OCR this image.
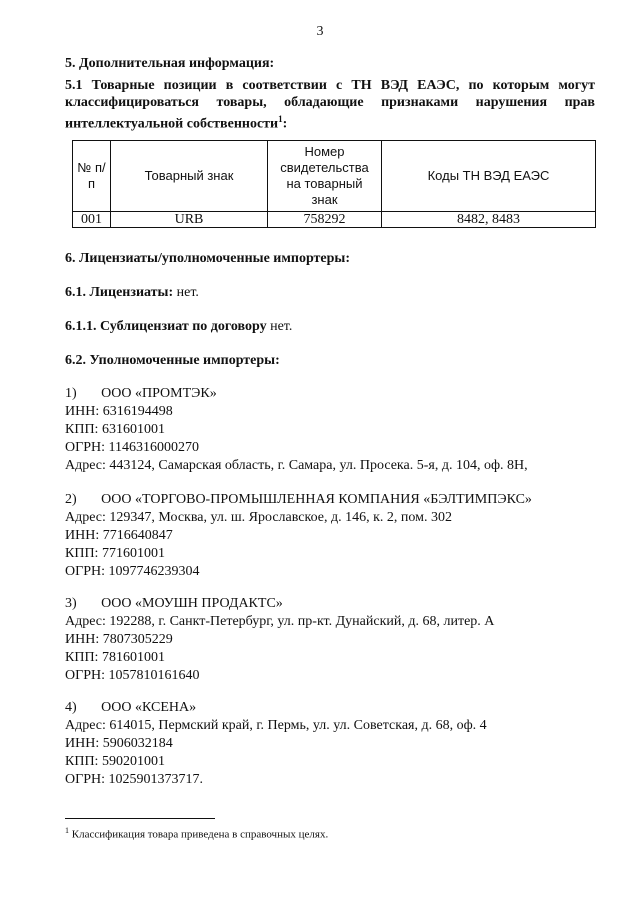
3
5. Дополнительная информация:
5.1 Товарные позиции в соответствии с ТН ВЭД ЕАЭС, по которым могут классифицироваться товары, обладающие признаками нарушения прав интеллектуальной собственности$^1$:
№ п/п	Товарный знак	Номер свидетельства на товарный знак	Коды ТН ВЭД ЕАЭС
001	URB	758292	8482, 8483
6. Лицензиаты/уполномоченные импортеры:
6.1. Лицензиаты: нет.
6.1.1. Сублицензиат по договору нет.
6.2. Уполномоченные импортеры:
1)       ООО «ПРОМТЭК»
ИНН: 6316194498
КПП: 631601001
ОГРН: 1146316000270
Адрес: 443124, Самарская область, г. Самара, ул. Просека. 5-я, д. 104, оф. 8Н,
2)       ООО «ТОРГОВО-ПРОМЫШЛЕННАЯ КОМПАНИЯ «БЭЛТИМПЭКС»
Адрес: 129347, Москва, ул. ш. Ярославское, д. 146, к. 2, пом. 302
ИНН: 7716640847
КПП: 771601001
ОГРН: 1097746239304
3)       ООО «МОУШН ПРОДАКТС»
Адрес: 192288, г. Санкт-Петербург, ул. пр-кт. Дунайский, д. 68, литер. А
ИНН: 7807305229
КПП: 781601001
ОГРН: 1057810161640
4)       ООО «КСЕНА»
Адрес: 614015, Пермский край, г. Пермь, ул. ул. Советская, д. 68, оф. 4
ИНН: 5906032184
КПП: 590201001
ОГРН: 1025901373717.
$^1$ Классификация товара приведена в справочных целях.
